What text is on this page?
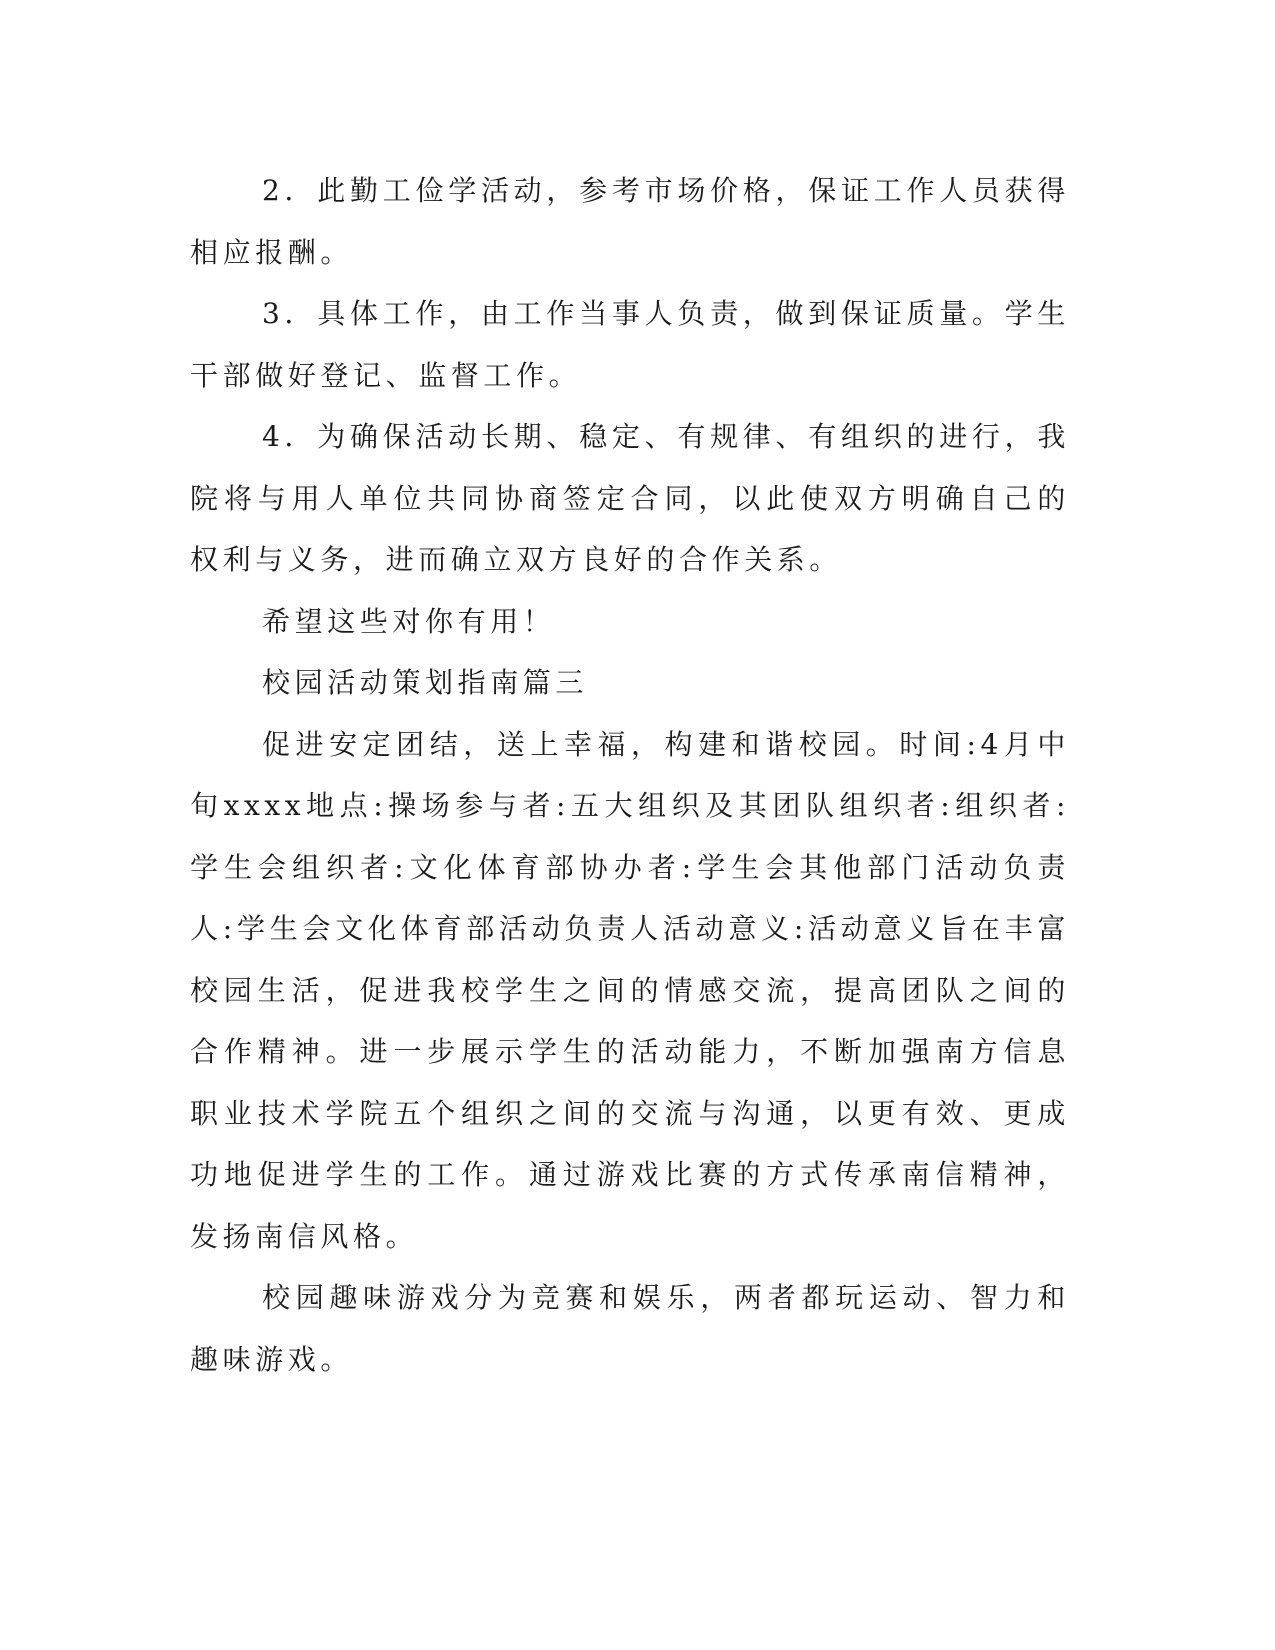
2．此勤工俭学活动，参考市场价格，保证工作人员获得相应报酬。

3．具体工作，由工作当事人负责，做到保证质量。学生干部做好登记、监督工作。

4．为确保活动长期、稳定、有规律、有组织的进行，我院将与用人单位共同协商签定合同，以此使双方明确自己的权利与义务，进而确立双方良好的合作关系。

希望这些对你有用！

校园活动策划指南篇三

促进安定团结，送上幸福，构建和谐校园。时间:4月中旬xxxx地点:操场参与者:五大组织及其团队组织者:组织者:学生会组织者:文化体育部协办者:学生会其他部门活动负责人:学生会文化体育部活动负责人活动意义:活动意义旨在丰富校园生活，促进我校学生之间的情感交流，提高团队之间的合作精神。进一步展示学生的活动能力，不断加强南方信息职业技术学院五个组织之间的交流与沟通，以更有效、更成功地促进学生的工作。通过游戏比赛的方式传承南信精神，发扬南信风格。

校园趣味游戏分为竞赛和娱乐，两者都玩运动、智力和趣味游戏。
